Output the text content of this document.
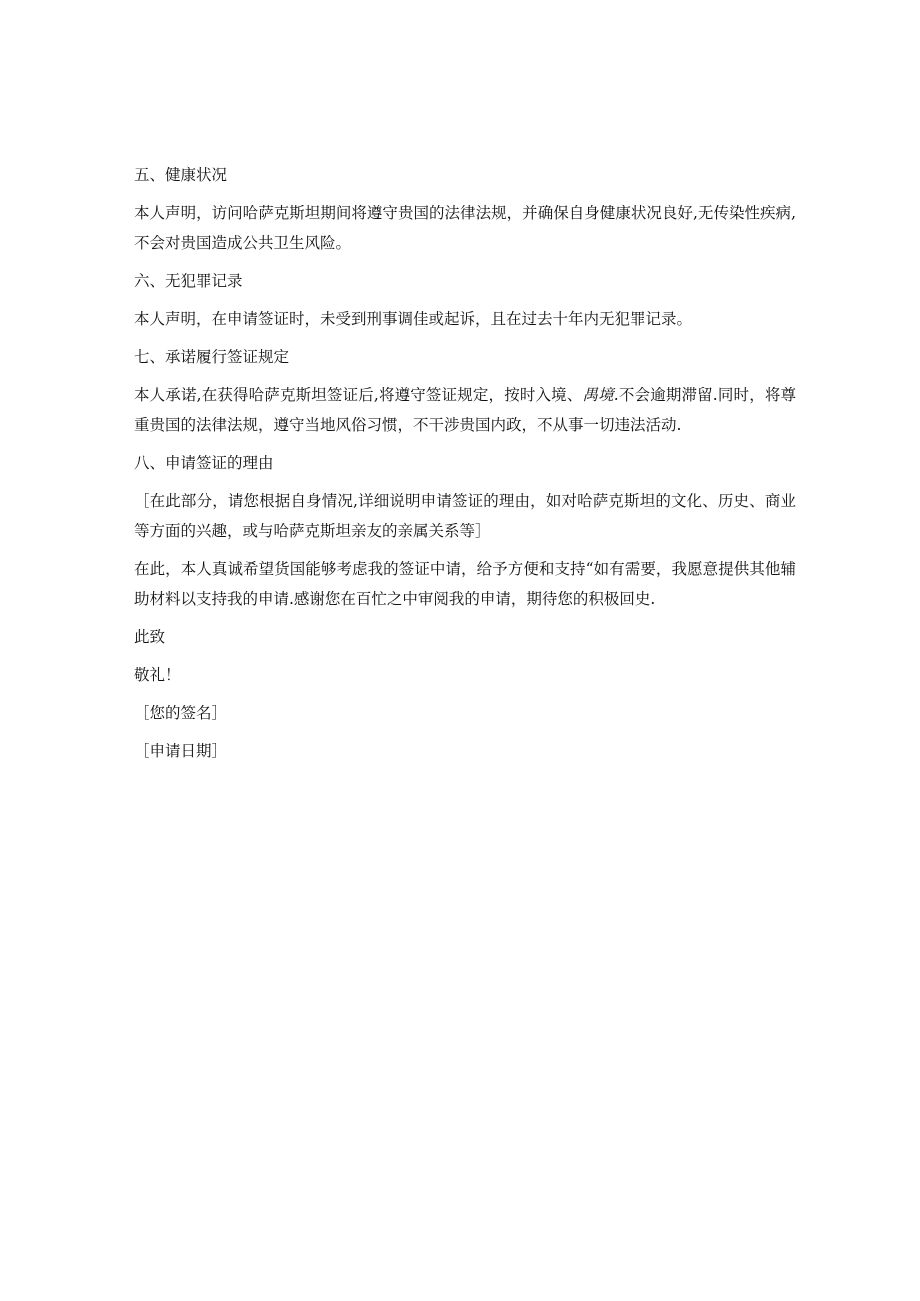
五、健康状况

本人声明，访问哈萨克斯坦期间将遵守贵国的法律法规，并确保自身健康状况良好,无传染性疾病,不会对贵国造成公共卫生风险。

六、无犯罪记录

本人声明，在申请签证时，未受到刑事调佳或起诉，且在过去十年内无犯罪记录。

七、承诺履行签证规定

本人承诺,在获得哈萨克斯坦签证后,将遵守签证规定，按时入境、禺境.不会逾期滞留.同时，将尊重贵国的法律法规，遵守当地风俗习惯，不干涉贵国内政，不从事一切违法活动.

八、申请签证的理由

［在此部分，请您根据自身情况,详细说明申请签证的理由，如对哈萨克斯坦的文化、历史、商业等方面的兴趣，或与哈萨克斯坦亲友的亲属关系等］

在此，本人真诚希望货国能够考虑我的签证中请，给予方便和支持“如有需要，我愿意提供其他辅助材料以支持我的申请.感谢您在百忙之中审阅我的申请，期待您的积极回史.

此致

敬礼！

［您的签名］

［申请日期］
